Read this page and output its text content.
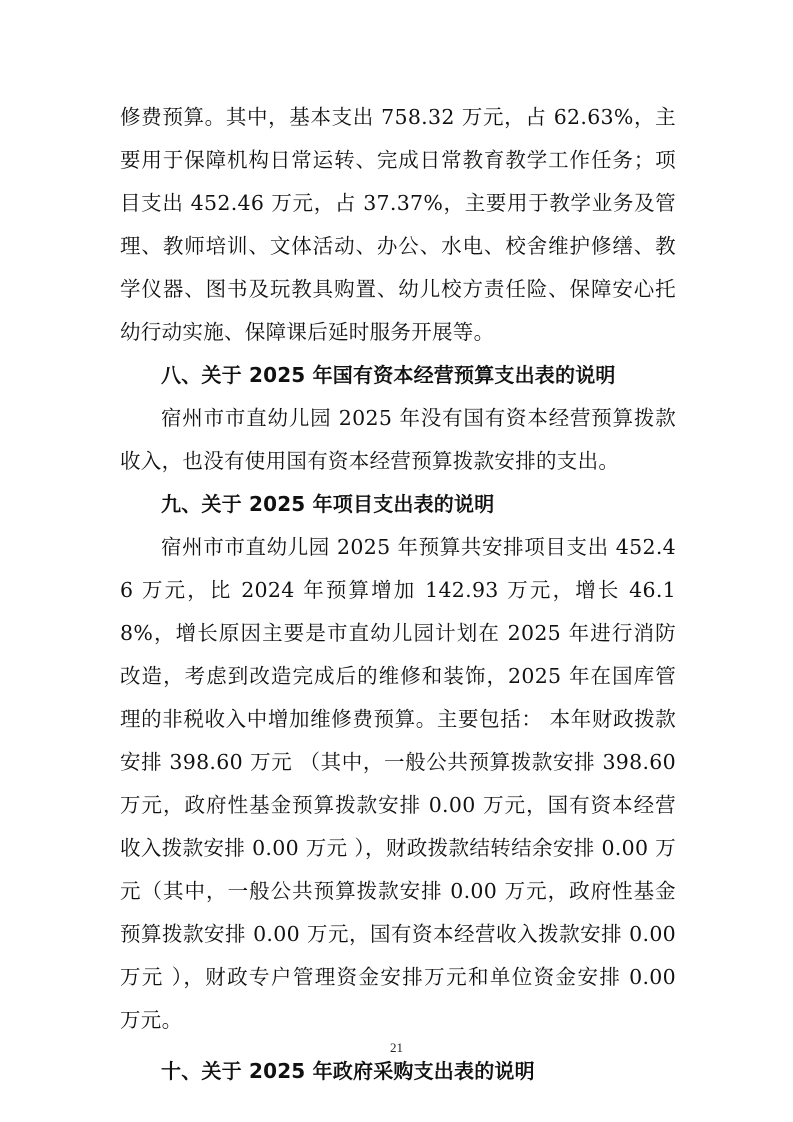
修费预算。其中，基本支出 758.32 万元，占 62.63%，主要用于保障机构日常运转、完成日常教育教学工作任务；项目支出 452.46 万元，占 37.37%，主要用于教学业务及管理、教师培训、文体活动、办公、水电、校舍维护修缮、教学仪器、图书及玩教具购置、幼儿校方责任险、保障安心托幼行动实施、保障课后延时服务开展等。

八、关于 2025 年国有资本经营预算支出表的说明

宿州市市直幼儿园 2025 年没有国有资本经营预算拨款收入，也没有使用国有资本经营预算拨款安排的支出。

九、关于 2025 年项目支出表的说明

宿州市市直幼儿园 2025 年预算共安排项目支出 452.46 万元，比 2024 年预算增加 142.93 万元，增长 46.18%，增长原因主要是市直幼儿园计划在 2025 年进行消防改造，考虑到改造完成后的维修和装饰，2025 年在国库管理的非税收入中增加维修费预算。主要包括： 本年财政拨款安排 398.60 万元 （其中，一般公共预算拨款安排 398.60 万元，政府性基金预算拨款安排 0.00 万元，国有资本经营收入拨款安排 0.00 万元 ），财政拨款结转结余安排 0.00 万元（其中，一般公共预算拨款安排 0.00 万元，政府性基金预算拨款安排 0.00 万元，国有资本经营收入拨款安排 0.00 万元 ），财政专户管理资金安排万元和单位资金安排 0.00 万元。

十、关于 2025 年政府采购支出表的说明

21
